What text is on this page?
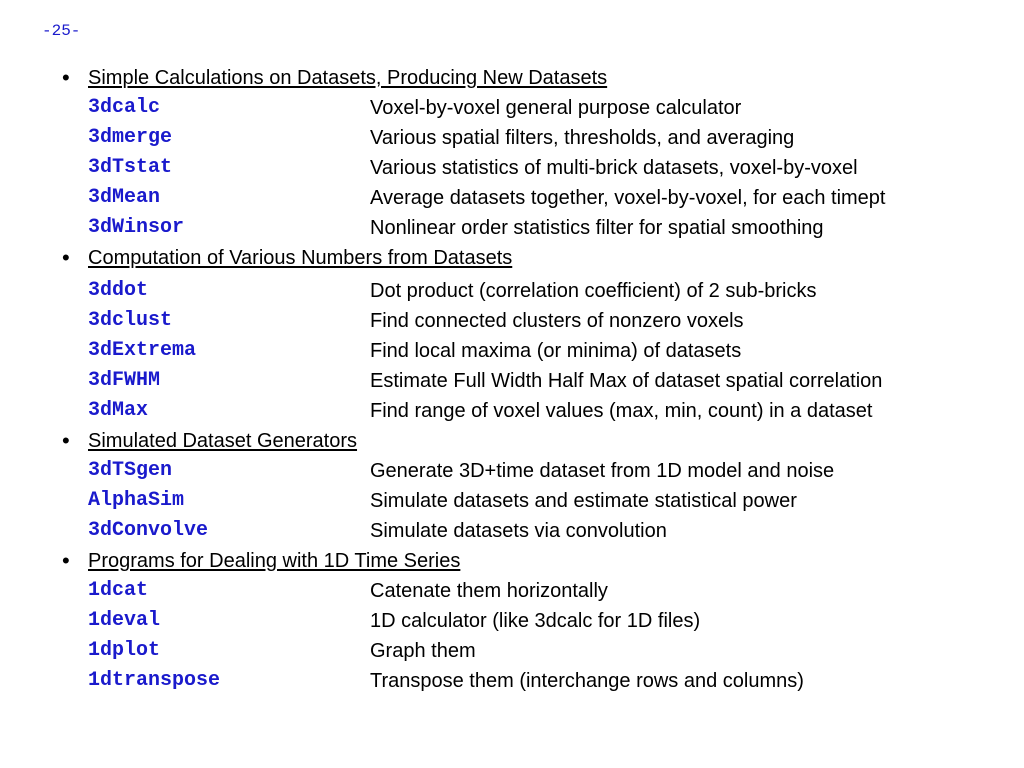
-25-
• Simple Calculations on Datasets, Producing New Datasets
3dcalc	Voxel-by-voxel general purpose calculator
3dmerge	Various spatial filters, thresholds, and averaging
3dTstat	Various statistics of multi-brick datasets, voxel-by-voxel
3dMean	Average datasets together, voxel-by-voxel, for each timept
3dWinsor	Nonlinear order statistics filter for spatial smoothing
• Computation of Various Numbers from Datasets
3ddot	Dot product (correlation coefficient) of 2 sub-bricks
3dclust	Find connected clusters of nonzero voxels
3dExtrema	Find local maxima (or minima) of datasets
3dFWHM	Estimate Full Width Half Max of dataset spatial correlation
3dMax	Find range of voxel values (max, min, count) in a dataset
• Simulated Dataset Generators
3dTSgen	Generate 3D+time dataset from 1D model and noise
AlphaSim	Simulate datasets and estimate statistical power
3dConvolve	Simulate datasets via convolution
• Programs for Dealing with 1D Time Series
1dcat	Catenate them horizontally
1deval	1D calculator (like 3dcalc for 1D files)
1dplot	Graph them
1dtranspose	Transpose them (interchange rows and columns)
